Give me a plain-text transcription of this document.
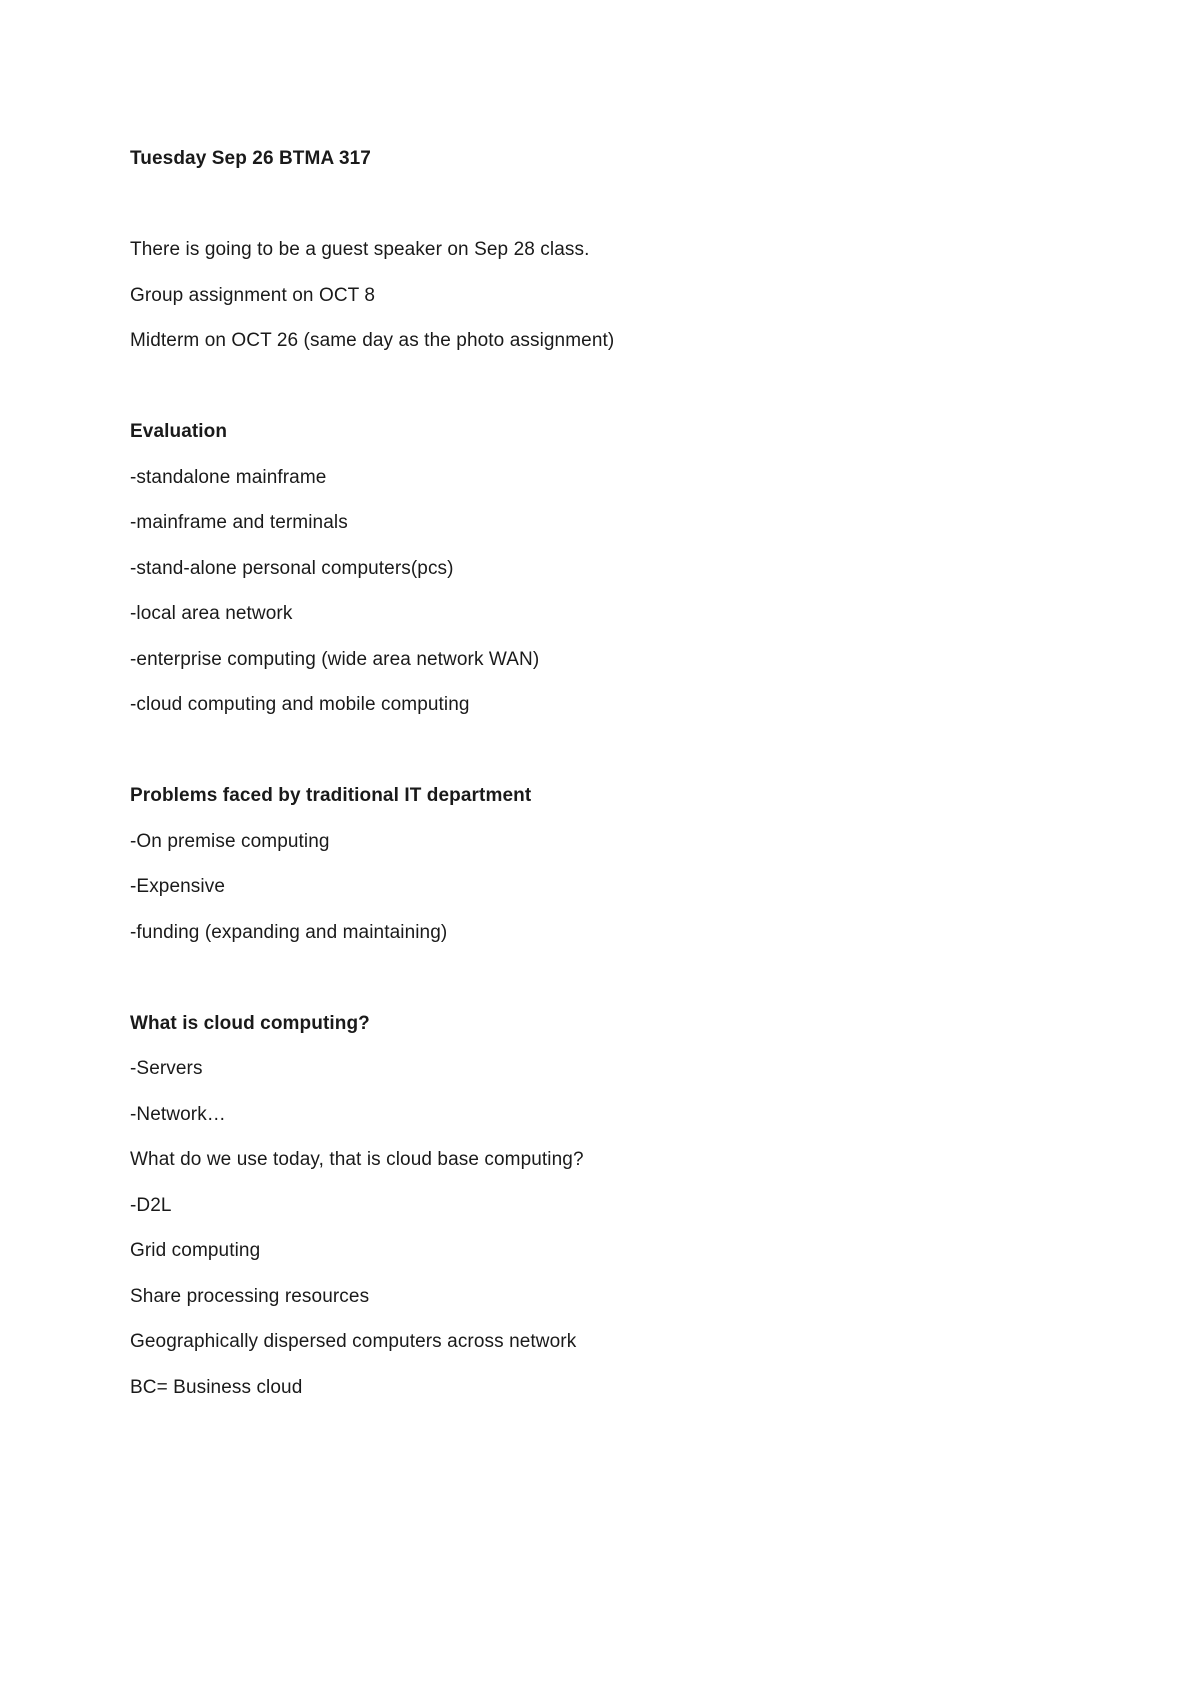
Tuesday Sep 26 BTMA 317
There is going to be a guest speaker on Sep 28 class.
Group assignment on OCT 8
Midterm on OCT 26 (same day as the photo assignment)
Evaluation
-standalone mainframe
-mainframe and terminals
-stand-alone personal computers(pcs)
-local area network
-enterprise computing (wide area network WAN)
-cloud computing and mobile computing
Problems faced by traditional IT department
-On premise computing
-Expensive
-funding (expanding and maintaining)
What is cloud computing?
-Servers
-Network…
What do we use today, that is cloud base computing?
-D2L
Grid computing
Share processing resources
Geographically dispersed computers across network
BC= Business cloud
